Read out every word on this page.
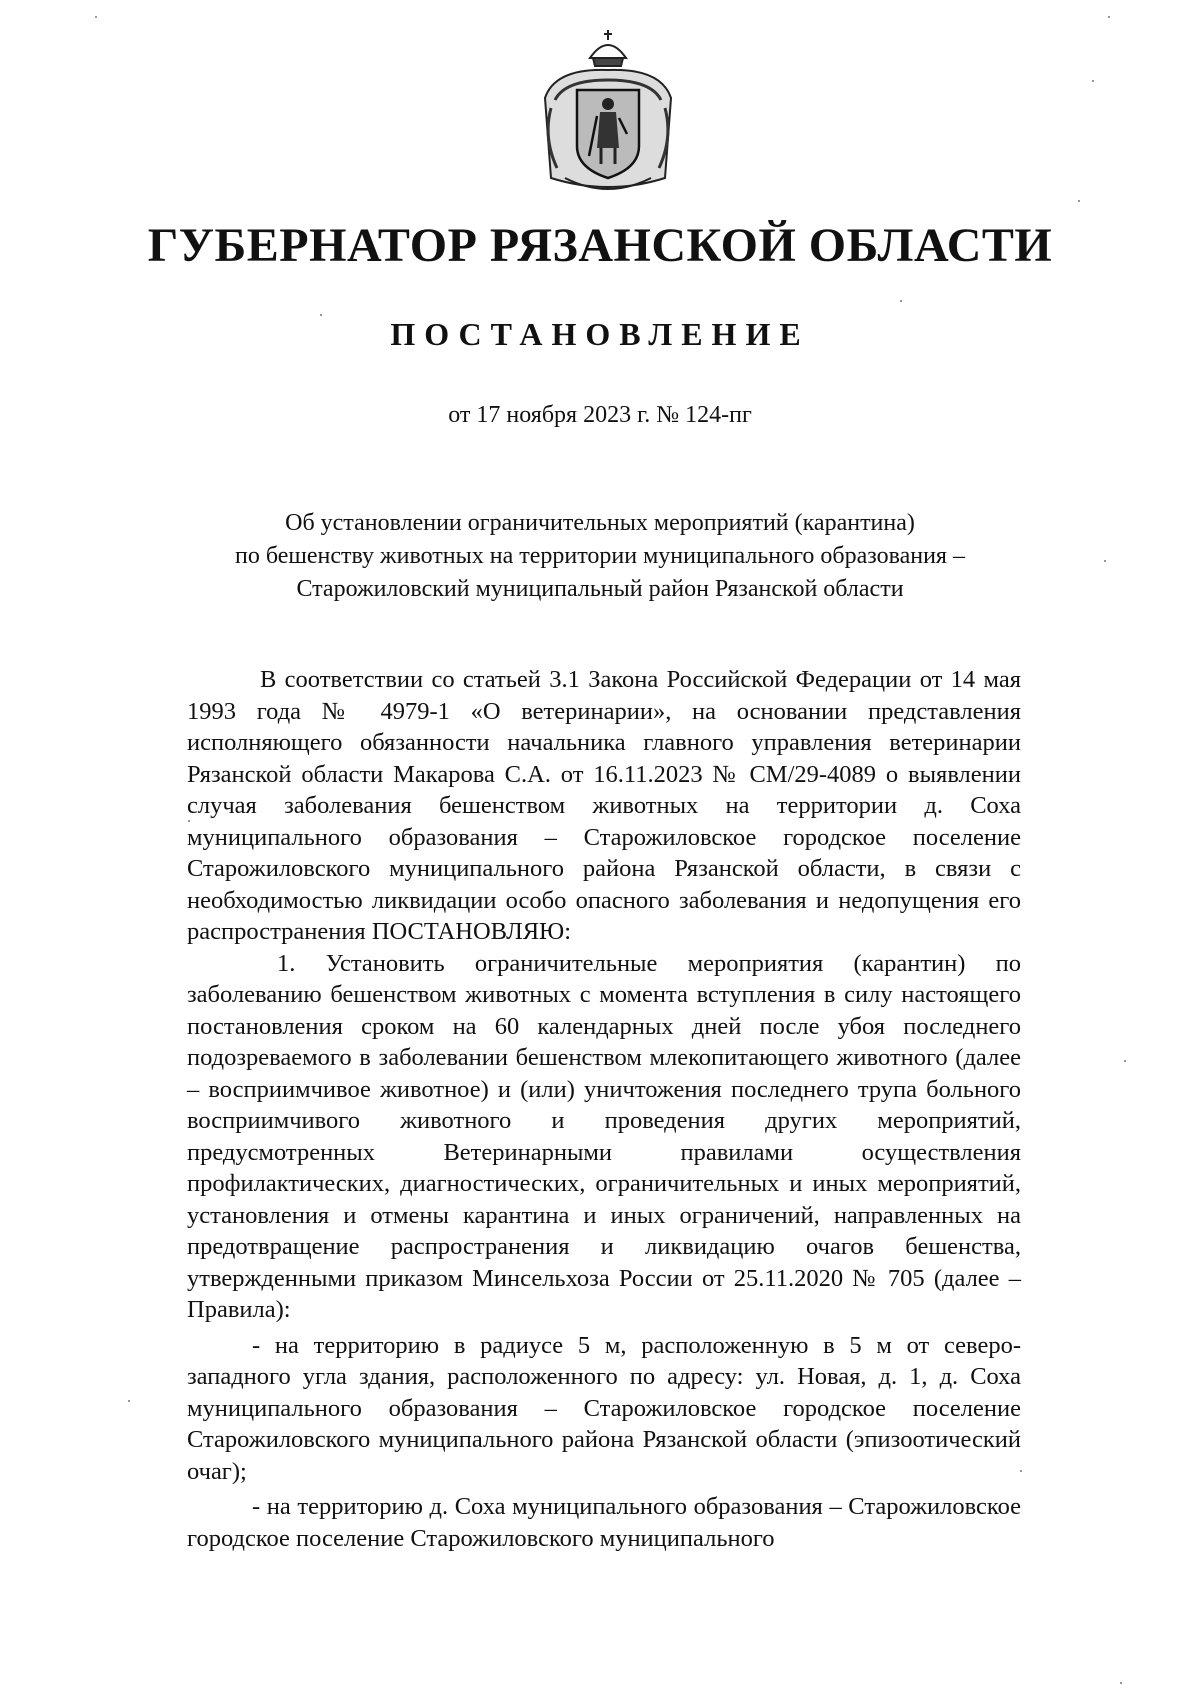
ГУБЕРНАТОР РЯЗАНСКОЙ ОБЛАСТИ
ПОСТАНОВЛЕНИЕ
от 17 ноября 2023 г. № 124-пг
Об установлении ограничительных мероприятий (карантина)
по бешенству животных на территории муниципального образования –
Старожиловский муниципальный район Рязанской области

В соответствии со статьей 3.1 Закона Российской Федерации от 14 мая 1993 года № 4979-1 «О ветеринарии», на основании представления исполняющего обязанности начальника главного управления ветеринарии Рязанской области Макарова С.А. от 16.11.2023 № СМ/29-4089 о выявлении случая заболевания бешенством животных на территории д. Соха муниципального образования – Старожиловское городское поселение Старожиловского муниципального района Рязанской области, в связи с необходимостью ликвидации особо опасного заболевания и недопущения его распространения ПОСТАНОВЛЯЮ:

1. Установить ограничительные мероприятия (карантин) по заболеванию бешенством животных с момента вступления в силу настоящего постановления сроком на 60 календарных дней после убоя последнего подозреваемого в заболевании бешенством млекопитающего животного (далее – восприимчивое животное) и (или) уничтожения последнего трупа больного восприимчивого животного и проведения других мероприятий, предусмотренных Ветеринарными правилами осуществления профилактических, диагностических, ограничительных и иных мероприятий, установления и отмены карантина и иных ограничений, направленных на предотвращение распространения и ликвидацию очагов бешенства, утвержденными приказом Минсельхоза России от 25.11.2020 № 705 (далее – Правила):

- на территорию в радиусе 5 м, расположенную в 5 м от северо-западного угла здания, расположенного по адресу: ул. Новая, д. 1, д. Соха муниципального образования – Старожиловское городское поселение Старожиловского муниципального района Рязанской области (эпизоотический очаг);

- на территорию д. Соха муниципального образования – Старожиловское городское поселение Старожиловского муниципального
